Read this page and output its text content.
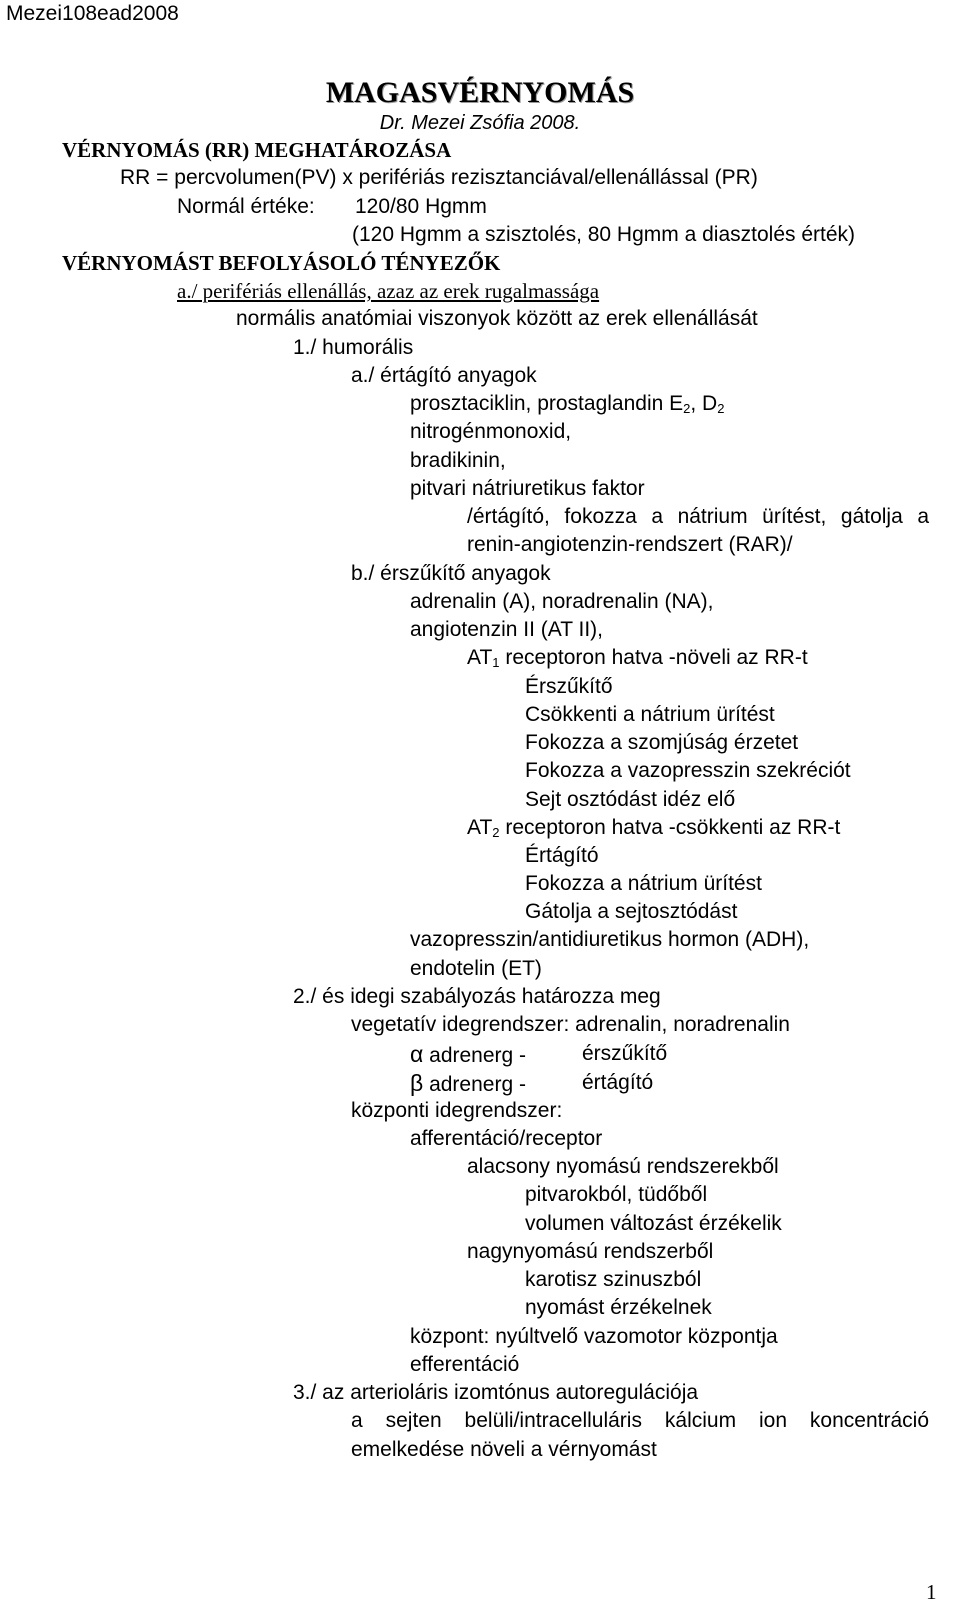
Mezei108ead2008
MAGASVÉRNYOMÁS
Dr. Mezei Zsófia 2008.
VÉRNYOMÁS (RR) MEGHATÁROZÁSA
RR = percvolumen(PV) x perifériás rezisztanciával/ellenállással (PR)
Normál értéke: 120/80 Hgmm
(120 Hgmm a szisztolés, 80 Hgmm a diasztolés érték)
VÉRNYOMÁST BEFOLYÁSOLÓ TÉNYEZŐK
a./ perifériás ellenállás, azaz az erek rugalmassága
normális anatómiai viszonyok között az erek ellenállását
1./ humorális
a./ értágító anyagok
prosztaciklin, prostaglandin $E_2$, $D_2$
nitrogénmonoxid,
bradikinin,
pitvari nátriuretikus faktor
/értágító, fokozza a nátrium ürítést, gátolja a
renin-angiotenzin-rendszert (RAR)/
b./ érszűkítő anyagok
adrenalin (A), noradrenalin (NA),
angiotenzin II (AT II),
$AT_1$ receptoron hatva -növeli az RR-t
Érszűkítő
Csökkenti a nátrium ürítést
Fokozza a szomjúság érzetet
Fokozza a vazopresszin szekréciót
Sejt osztódást idéz elő
$AT_2$ receptoron hatva -csökkenti az RR-t
Értágító
Fokozza a nátrium ürítést
Gátolja a sejtosztódást
vazopresszin/antidiuretikus hormon (ADH),
endotelin (ET)
2./ és idegi szabályozás határozza meg
vegetatív idegrendszer: adrenalin, noradrenalin
α adrenerg -	érszűkítő
β adrenerg -	értágító
központi idegrendszer:
afferentáció/receptor
alacsony nyomású rendszerekből
pitvarokból, tüdőből
volumen változást érzékelik
nagynyomású rendszerből
karotisz szinuszból
nyomást érzékelnek
központ: nyúltvelő vazomotor központja
efferentáció
3./ az arterioláris izomtónus autoregulációja
a sejten belüli/intracelluláris kálcium ion koncentráció
emelkedése növeli a vérnyomást
1
